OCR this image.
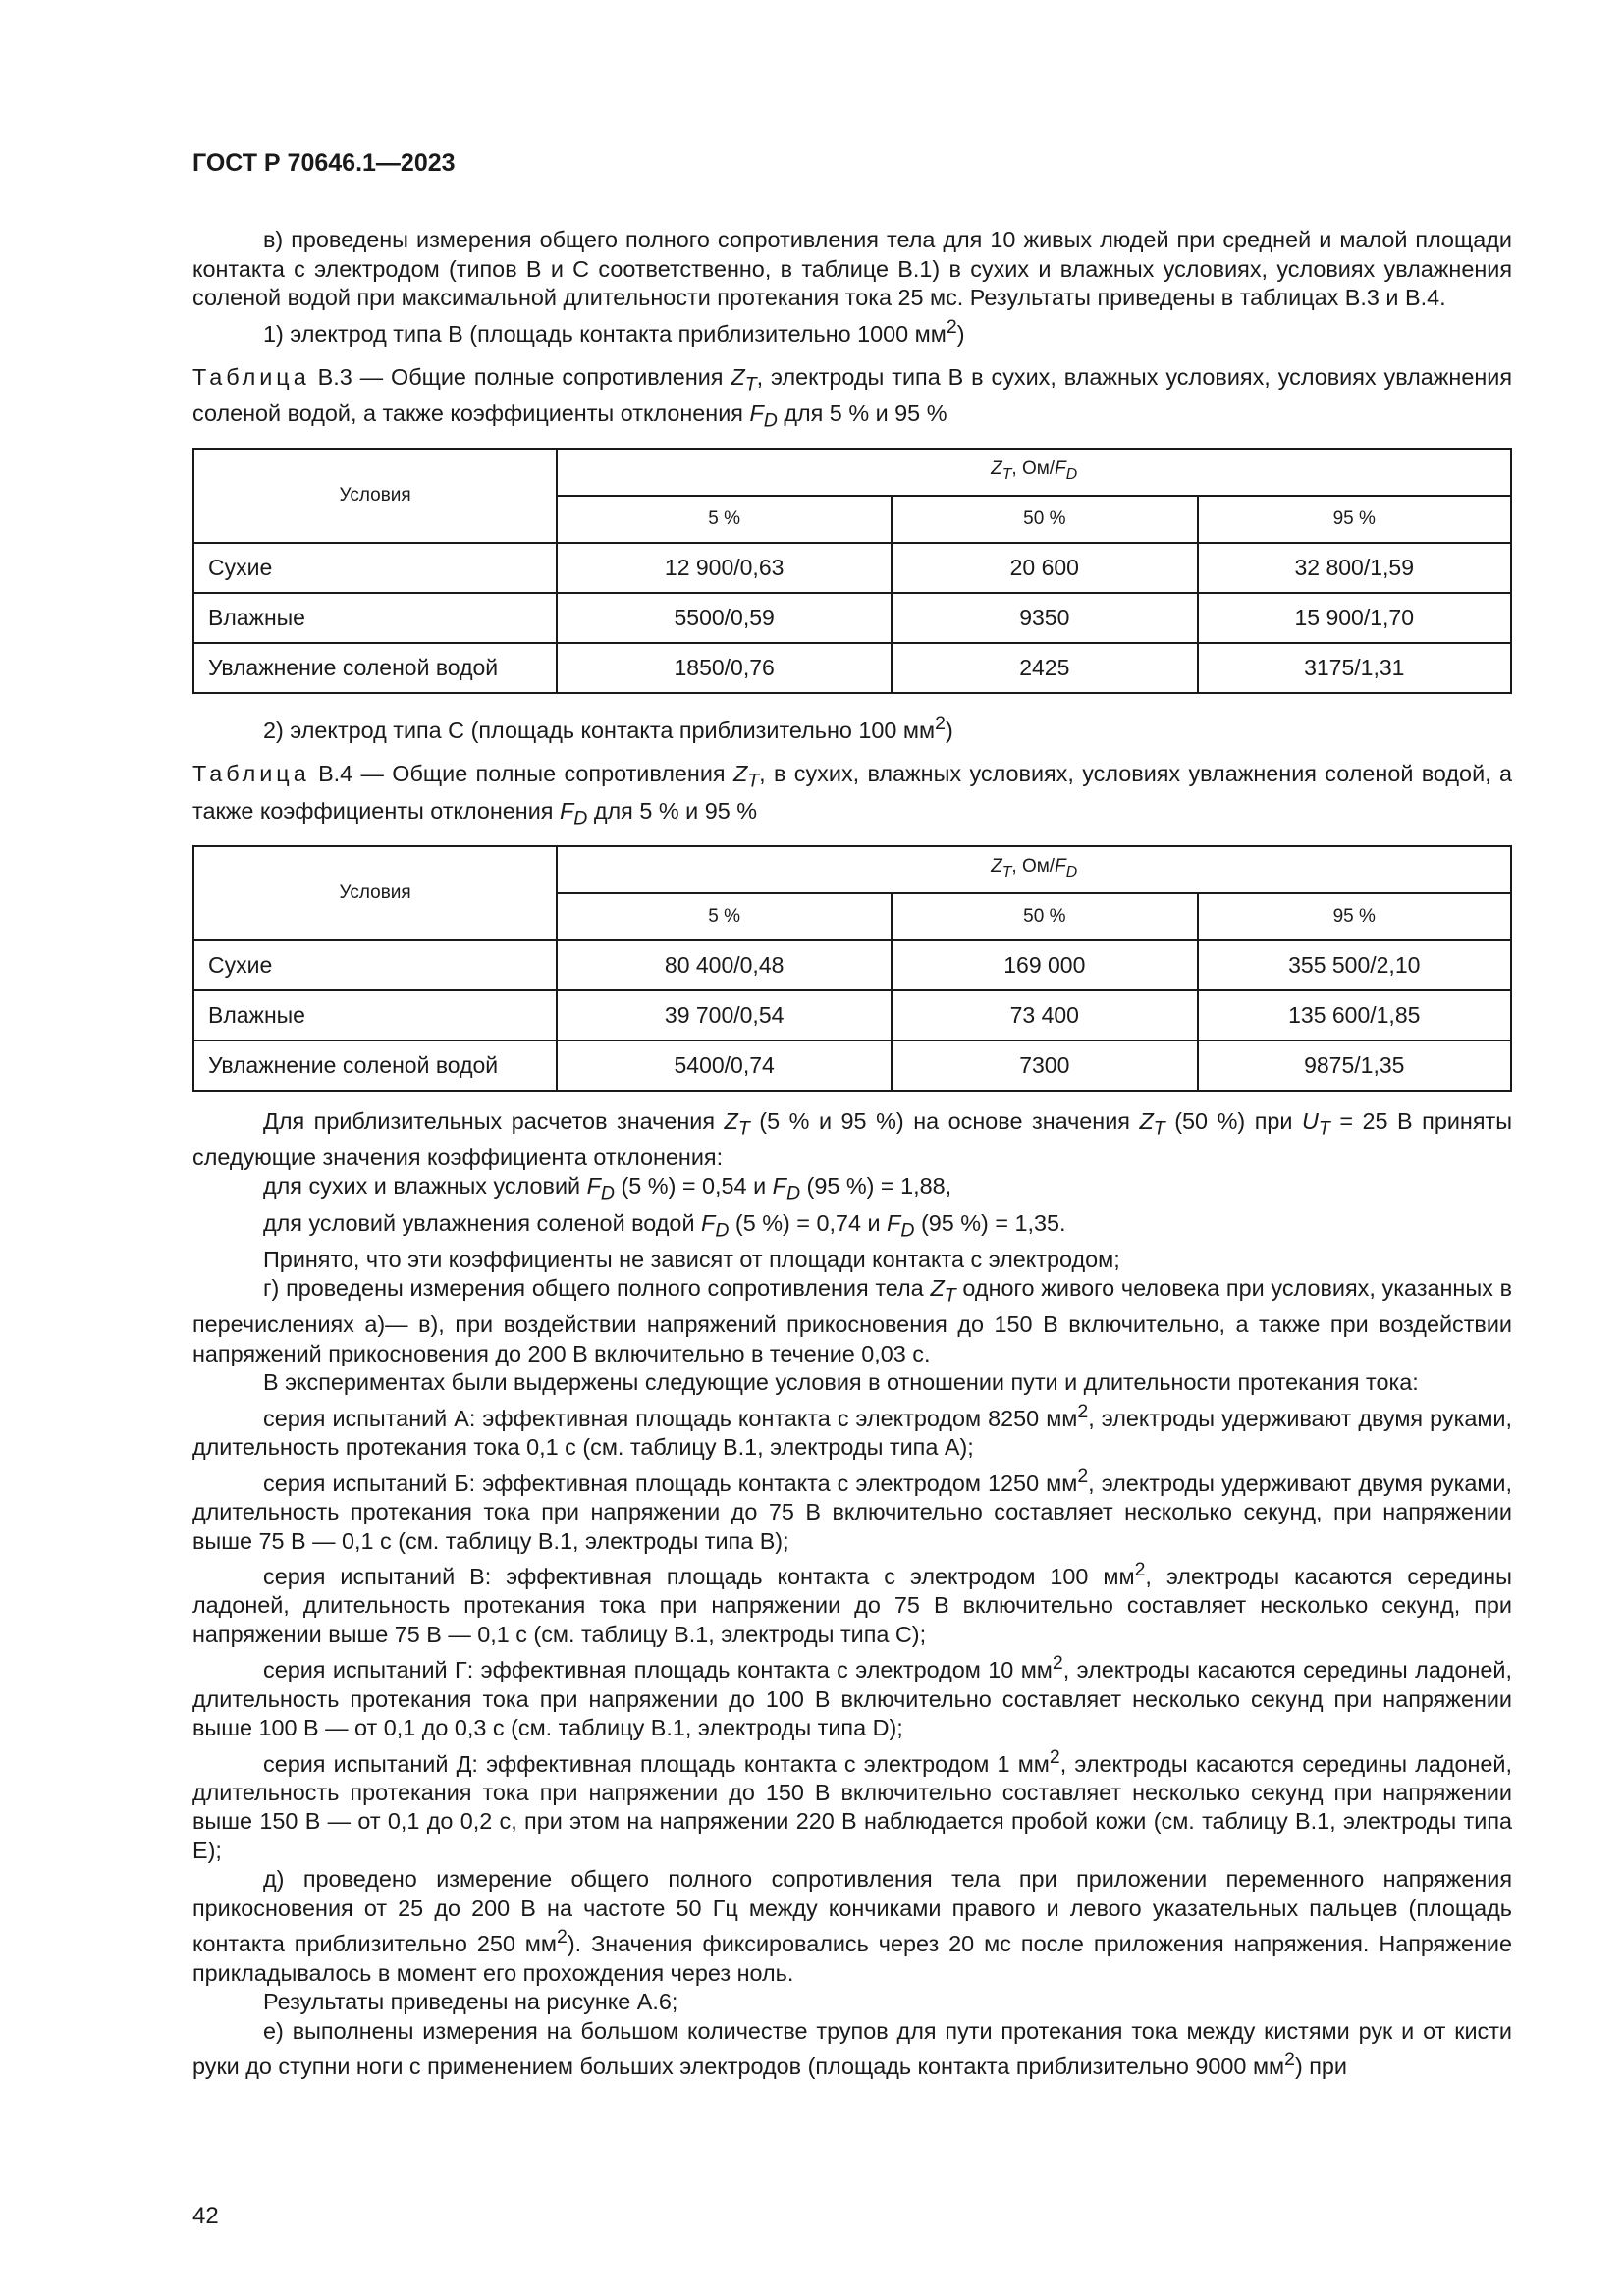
ГОСТ Р 70646.1—2023

в) проведены измерения общего полного сопротивления тела для 10 живых людей при средней и малой площади контакта с электродом (типов B и C соответственно, в таблице B.1) в сухих и влажных условиях, условиях увлажнения соленой водой при максимальной длительности протекания тока 25 мс. Результаты приведены в таблицах B.3 и B.4.

1) электрод типа B (площадь контакта приблизительно 1000 $мм^2$)

Таблица B.3 — Общие полные сопротивления $Z_T$, электроды типа B в сухих, влажных условиях, условиях увлажнения соленой водой, а также коэффициенты отклонения $F_D$ для 5 % и 95 %

Условия	$Z_T$, $Ом/F_D$
	5 %	50 %	95 %
Сухие	12 900/0,63	20 600	32 800/1,59
Влажные	5500/0,59	9350	15 900/1,70
Увлажнение соленой водой	1850/0,76	2425	3175/1,31

2) электрод типа C (площадь контакта приблизительно 100 $мм^2$)

Таблица B.4 — Общие полные сопротивления $Z_T$, в сухих, влажных условиях, условиях увлажнения соленой водой, а также коэффициенты отклонения $F_D$ для 5 % и 95 %

Условия	$Z_T$, $Ом/F_D$
	5 %	50 %	95 %
Сухие	80 400/0,48	169 000	355 500/2,10
Влажные	39 700/0,54	73 400	135 600/1,85
Увлажнение соленой водой	5400/0,74	7300	9875/1,35

Для приблизительных расчетов значения $Z_T$ (5 % и 95 %) на основе значения $Z_T$ (50 %) при $U_T = 25$ В приняты следующие значения коэффициента отклонения:

для сухих и влажных условий $F_D$ (5 %) = 0,54 и $F_D$ (95 %) = 1,88,

для условий увлажнения соленой водой $F_D$ (5 %) = 0,74 и $F_D$ (95 %) = 1,35.

Принято, что эти коэффициенты не зависят от площади контакта с электродом;

г) проведены измерения общего полного сопротивления тела $Z_T$ одного живого человека при условиях, указанных в перечислениях а)— в), при воздействии напряжений прикосновения до 150 В включительно, а также при воздействии напряжений прикосновения до 200 В включительно в течение 0,03 с.

В экспериментах были выдержены следующие условия в отношении пути и длительности протекания тока:

серия испытаний А: эффективная площадь контакта с электродом 8250 $мм^2$, электроды удерживают двумя руками, длительность протекания тока 0,1 с (см. таблицу B.1, электроды типа A);

серия испытаний Б: эффективная площадь контакта с электродом 1250 $мм^2$, электроды удерживают двумя руками, длительность протекания тока при напряжении до 75 В включительно составляет несколько секунд, при напряжении выше 75 В — 0,1 с (см. таблицу B.1, электроды типа B);

серия испытаний В: эффективная площадь контакта с электродом 100 $мм^2$, электроды касаются середины ладоней, длительность протекания тока при напряжении до 75 В включительно составляет несколько секунд, при напряжении выше 75 В — 0,1 с (см. таблицу B.1, электроды типа C);

серия испытаний Г: эффективная площадь контакта с электродом 10 $мм^2$, электроды касаются середины ладоней, длительность протекания тока при напряжении до 100 В включительно составляет несколько секунд при напряжении выше 100 В — от 0,1 до 0,3 с (см. таблицу B.1, электроды типа D);

серия испытаний Д: эффективная площадь контакта с электродом 1 $мм^2$, электроды касаются середины ладоней, длительность протекания тока при напряжении до 150 В включительно составляет несколько секунд при напряжении выше 150 В — от 0,1 до 0,2 с, при этом на напряжении 220 В наблюдается пробой кожи (см. таблицу B.1, электроды типа E);

д) проведено измерение общего полного сопротивления тела при приложении переменного напряжения прикосновения от 25 до 200 В на частоте 50 Гц между кончиками правого и левого указательных пальцев (площадь контакта приблизительно 250 $мм^2$). Значения фиксировались через 20 мс после приложения напряжения. Напряжение прикладывалось в момент его прохождения через ноль.

Результаты приведены на рисунке А.6;

е) выполнены измерения на большом количестве трупов для пути протекания тока между кистями рук и от кисти руки до ступни ноги с применением больших электродов (площадь контакта приблизительно 9000 $мм^2$) при

42
